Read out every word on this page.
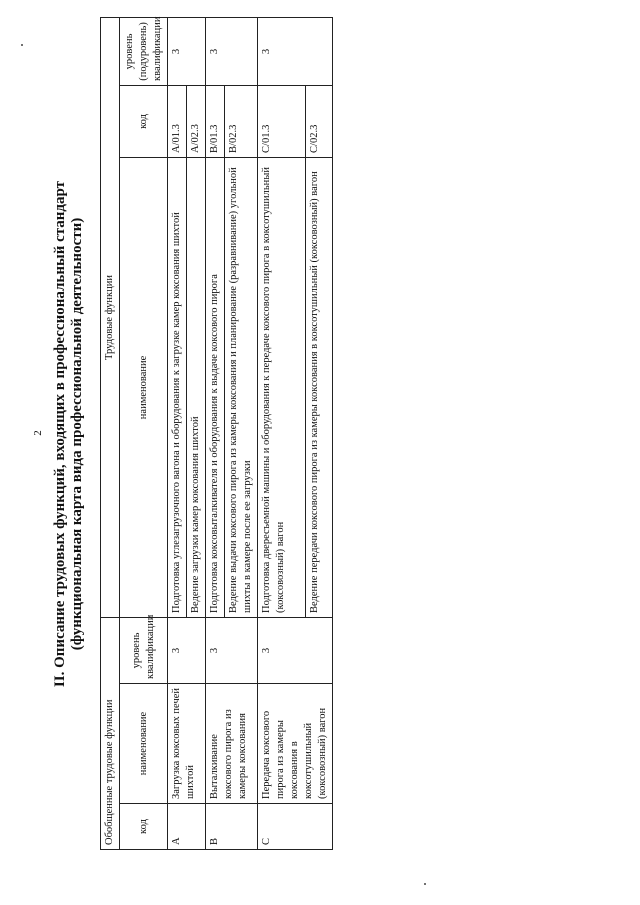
2 II. Описание трудовых функций, входящих в профессиональный стандарт (функциональная карта вида профессиональной деятельности)
Обобщенные трудовые функции			Трудовые функции		
код	наименование	уровень квалификации	наименование	код	уровень (подуровень) квалификации
A	Загрузка коксовых печей шихтой	3	Подготовка углезагрузочного вагона и оборудования к загрузке камер коксования шихтой	A/01.3	3
			Ведение загрузки камер коксования шихтой	A/02.3	
B	Выталкивание коксового пирога из камеры коксования	3	Подготовка коксовыталкивателя и оборудования к выдаче коксового пирога	B/01.3	3
			Ведение выдачи коксового пирога из камеры коксования и планирование (разравнивание) угольной шихты в камере после ее загрузки	B/02.3	
C	Передача коксового пирога из камеры коксования в коксотушильный (коксовозный) вагон	3	Подготовка двересъемной машины и оборудования к передаче коксового пирога в коксотушильный (коксовозный) вагон	C/01.3	3
			Ведение передачи коксового пирога из камеры коксования в коксотушильный (коксовозный) вагон	C/02.3	
